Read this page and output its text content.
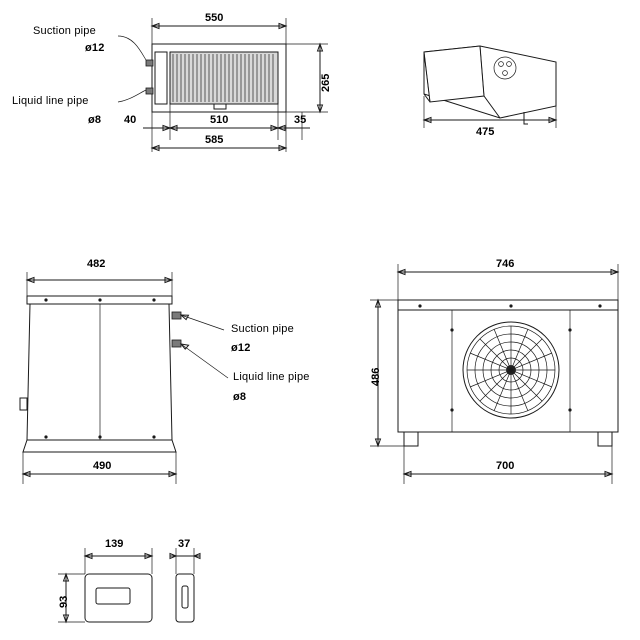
Suction pipe
ø12
Liquid line pipe
ø8
550
265
510
40	35
585
475
482
490
Suction pipe
ø12
Liquid line pipe
ø8
746
486
700
139	37
93
